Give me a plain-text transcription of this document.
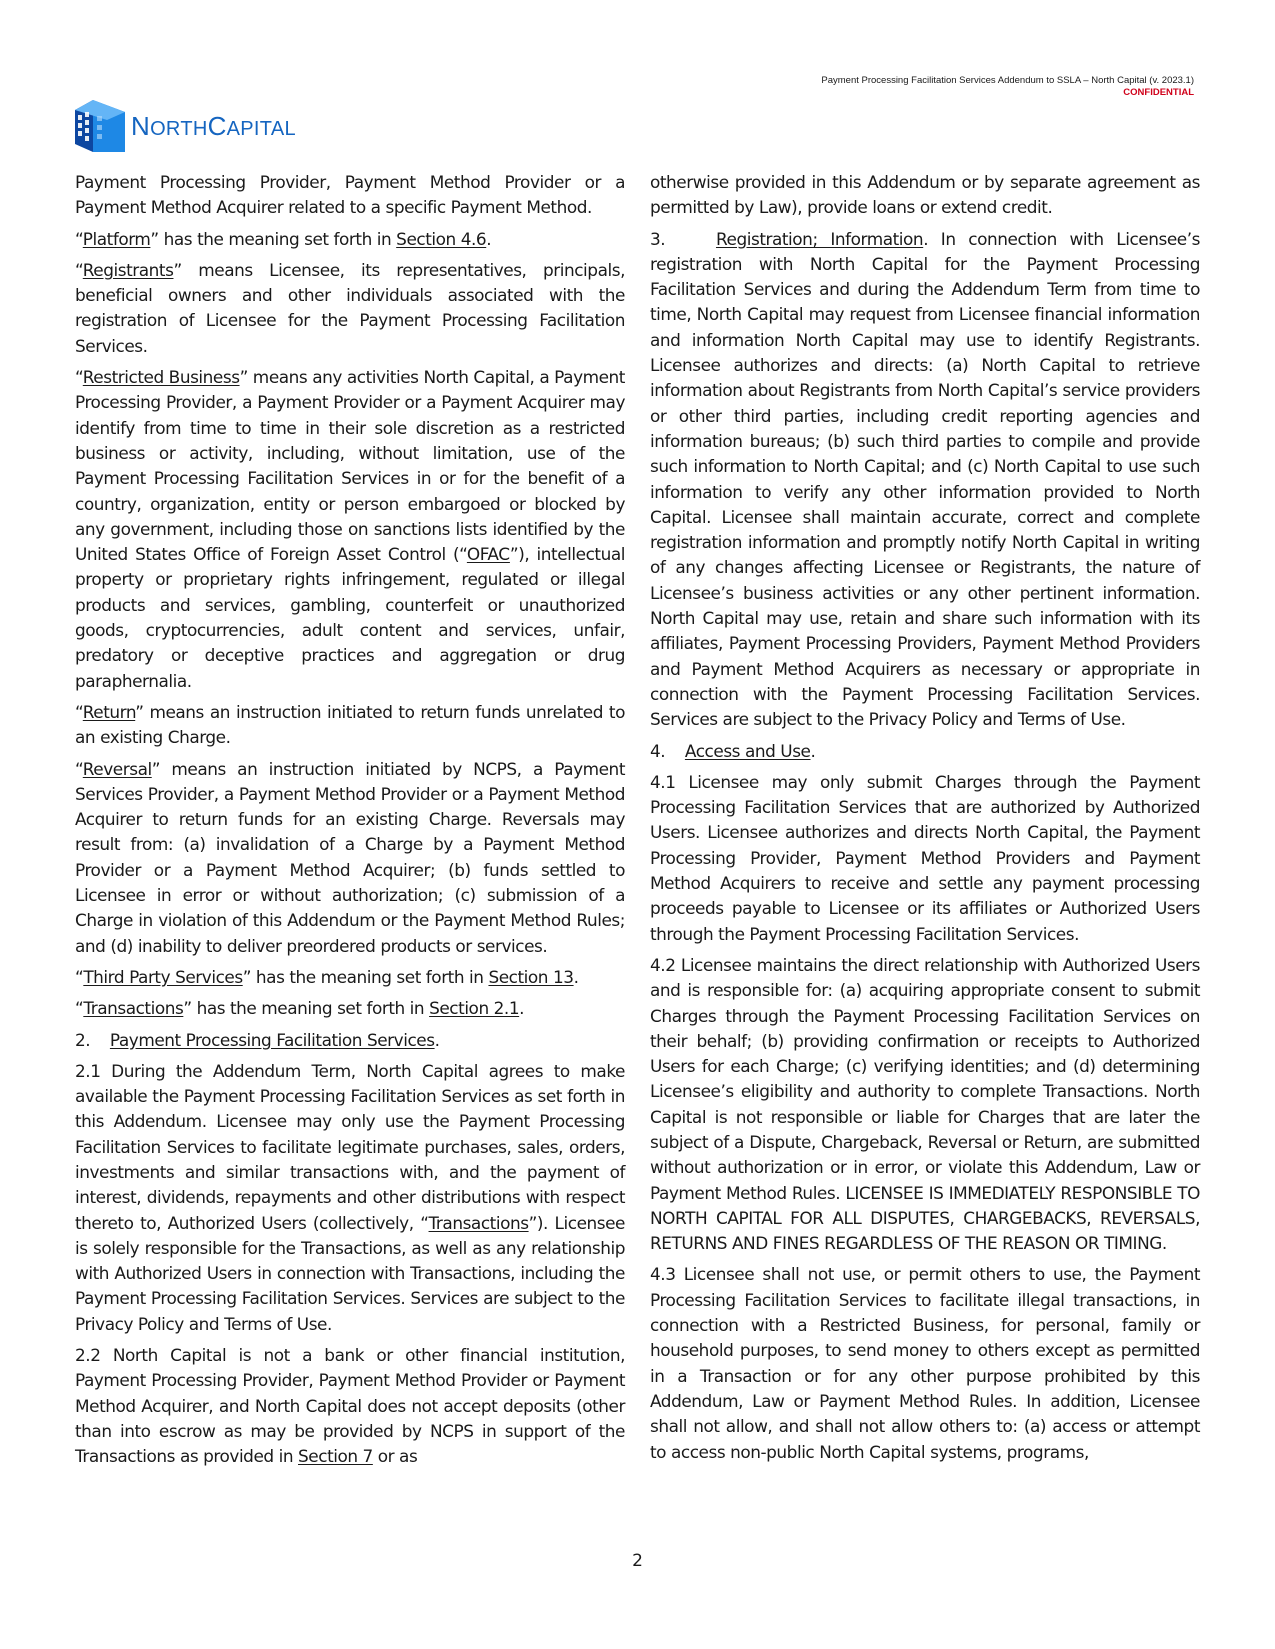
Payment Processing Facilitation Services Addendum to SSLA – North Capital (v. 2023.1)
CONFIDENTIAL
NORTHCAPITAL

Payment Processing Provider, Payment Method Provider or a Payment Method Acquirer related to a specific Payment Method.

“Platform” has the meaning set forth in Section 4.6.

“Registrants” means Licensee, its representatives, principals, beneficial owners and other individuals associated with the registration of Licensee for the Payment Processing Facilitation Services.

“Restricted Business” means any activities North Capital, a Payment Processing Provider, a Payment Provider or a Payment Acquirer may identify from time to time in their sole discretion as a restricted business or activity, including, without limitation, use of the Payment Processing Facilitation Services in or for the benefit of a country, organization, entity or person embargoed or blocked by any government, including those on sanctions lists identified by the United States Office of Foreign Asset Control (“OFAC”), intellectual property or proprietary rights infringement, regulated or illegal products and services, gambling, counterfeit or unauthorized goods, cryptocurrencies, adult content and services, unfair, predatory or deceptive practices and aggregation or drug paraphernalia.

“Return” means an instruction initiated to return funds unrelated to an existing Charge.

“Reversal” means an instruction initiated by NCPS, a Payment Services Provider, a Payment Method Provider or a Payment Method Acquirer to return funds for an existing Charge. Reversals may result from: (a) invalidation of a Charge by a Payment Method Provider or a Payment Method Acquirer; (b) funds settled to Licensee in error or without authorization; (c) submission of a Charge in violation of this Addendum or the Payment Method Rules; and (d) inability to deliver preordered products or services.

“Third Party Services” has the meaning set forth in Section 13.

“Transactions” has the meaning set forth in Section 2.1.

2. Payment Processing Facilitation Services.

2.1 During the Addendum Term, North Capital agrees to make available the Payment Processing Facilitation Services as set forth in this Addendum. Licensee may only use the Payment Processing Facilitation Services to facilitate legitimate purchases, sales, orders, investments and similar transactions with, and the payment of interest, dividends, repayments and other distributions with respect thereto to, Authorized Users (collectively, “Transactions”). Licensee is solely responsible for the Transactions, as well as any relationship with Authorized Users in connection with Transactions, including the Payment Processing Facilitation Services. Services are subject to the Privacy Policy and Terms of Use.

2.2 North Capital is not a bank or other financial institution, Payment Processing Provider, Payment Method Provider or Payment Method Acquirer, and North Capital does not accept deposits (other than into escrow as may be provided by NCPS in support of the Transactions as provided in Section 7 or as

otherwise provided in this Addendum or by separate agreement as permitted by Law), provide loans or extend credit.

3.	Registration; Information. In connection with Licensee’s registration with North Capital for the Payment Processing Facilitation Services and during the Addendum Term from time to time, North Capital may request from Licensee financial information and information North Capital may use to identify Registrants. Licensee authorizes and directs: (a) North Capital to retrieve information about Registrants from North Capital’s service providers or other third parties, including credit reporting agencies and information bureaus; (b) such third parties to compile and provide such information to North Capital; and (c) North Capital to use such information to verify any other information provided to North Capital. Licensee shall maintain accurate, correct and complete registration information and promptly notify North Capital in writing of any changes affecting Licensee or Registrants, the nature of Licensee’s business activities or any other pertinent information. North Capital may use, retain and share such information with its affiliates, Payment Processing Providers, Payment Method Providers and Payment Method Acquirers as necessary or appropriate in connection with the Payment Processing Facilitation Services. Services are subject to the Privacy Policy and Terms of Use.

4. Access and Use.

4.1 Licensee may only submit Charges through the Payment Processing Facilitation Services that are authorized by Authorized Users. Licensee authorizes and directs North Capital, the Payment Processing Provider, Payment Method Providers and Payment Method Acquirers to receive and settle any payment processing proceeds payable to Licensee or its affiliates or Authorized Users through the Payment Processing Facilitation Services.

4.2 Licensee maintains the direct relationship with Authorized Users and is responsible for: (a) acquiring appropriate consent to submit Charges through the Payment Processing Facilitation Services on their behalf; (b) providing confirmation or receipts to Authorized Users for each Charge; (c) verifying identities; and (d) determining Licensee’s eligibility and authority to complete Transactions. North Capital is not responsible or liable for Charges that are later the subject of a Dispute, Chargeback, Reversal or Return, are submitted without authorization or in error, or violate this Addendum, Law or Payment Method Rules. LICENSEE IS IMMEDIATELY RESPONSIBLE TO NORTH CAPITAL FOR ALL DISPUTES, CHARGEBACKS, REVERSALS, RETURNS AND FINES REGARDLESS OF THE REASON OR TIMING.

4.3 Licensee shall not use, or permit others to use, the Payment Processing Facilitation Services to facilitate illegal transactions, in connection with a Restricted Business, for personal, family or household purposes, to send money to others except as permitted in a Transaction or for any other purpose prohibited by this Addendum, Law or Payment Method Rules. In addition, Licensee shall not allow, and shall not allow others to: (a) access or attempt to access non-public North Capital systems, programs,

2
